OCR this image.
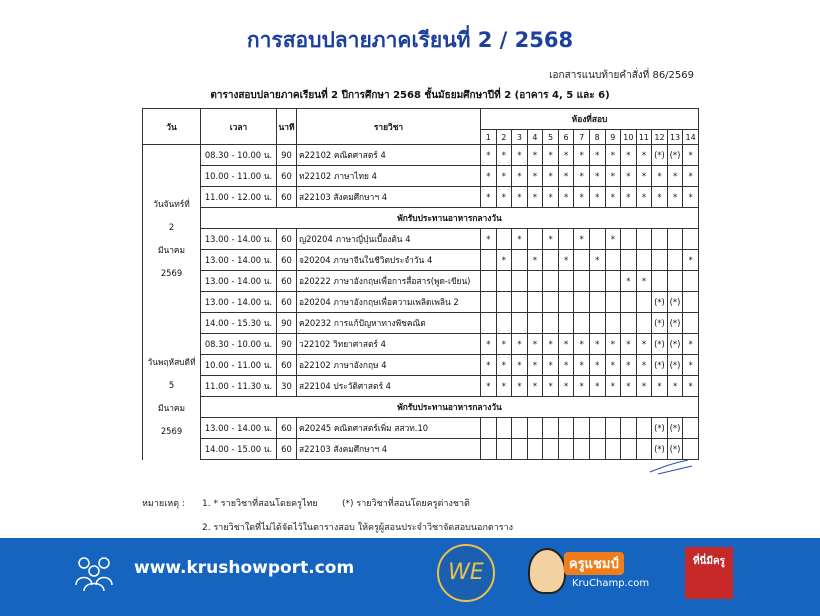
การสอบปลายภาคเรียนที่ 2 / 2568
เอกสารแนบท้ายคำสั่งที่ 86/2569
ตารางสอบปลายภาคเรียนที่ 2 ปีการศึกษา 2568 ชั้นมัธยมศึกษาปีที่ 2 (อาคาร 4, 5 และ 6)
วัน	เวลา	นาที	รายวิชา	ห้องที่สอบ													
				1	2	3	4	5	6	7	8	9	10	11	12	13	14

วันจันทร์ที่
2
มีนาคม
2569	08.30 - 10.00 น.	90	ค22102 คณิตศาสตร์ 4	*	*	*	*	*	*	*	*	*	*	*	(*)	(*)	*
	10.00 - 11.00 น.	60	ท22102 ภาษาไทย 4	*	*	*	*	*	*	*	*	*	*	*	*	*	*
	11.00 - 12.00 น.	60	ส22103 สังคมศึกษาฯ 4	*	*	*	*	*	*	*	*	*	*	*	*	*	*
	พักรับประทานอาหารกลางวัน																
	13.00 - 14.00 น.	60	ญ20204 ภาษาญี่ปุ่นเบื้องต้น 4	*		*		*		*		*					
	13.00 - 14.00 น.	60	จ20204 ภาษาจีนในชีวิตประจำวัน 4		*		*		*		*						*
	13.00 - 14.00 น.	60	อ20222 ภาษาอังกฤษเพื่อการสื่อสาร(พูด-เขียน)										*	*			
	13.00 - 14.00 น.	60	อ20204 ภาษาอังกฤษเพื่อความเพลิดเพลิน 2												(*)	(*)	
	14.00 - 15.30 น.	90	ค20232 การแก้ปัญหาทางพีชคณิต												(*)	(*)	

วันพฤหัสบดีที่
5
มีนาคม
2569	08.30 - 10.00 น.	90	ว22102 วิทยาศาสตร์ 4	*	*	*	*	*	*	*	*	*	*	*	(*)	(*)	*
	10.00 - 11.00 น.	60	อ22102 ภาษาอังกฤษ 4	*	*	*	*	*	*	*	*	*	*	*	(*)	(*)	*
	11.00 - 11.30 น.	30	ส22104 ประวัติศาสตร์ 4	*	*	*	*	*	*	*	*	*	*	*	*	*	*
	พักรับประทานอาหารกลางวัน																
	13.00 - 14.00 น.	60	ค20245 คณิตศาสตร์เพิ่ม สสวท.10												(*)	(*)	
	14.00 - 15.00 น.	60	ส22103 สังคมศึกษาฯ 4												(*)	(*)	
หมายเหตุ :	1. * รายวิชาที่สอนโดยครูไทย	(*) รายวิชาที่สอนโดยครูต่างชาติ
2. รายวิชาใดที่ไม่ได้จัดไว้ในตารางสอบ ให้ครูผู้สอนประจำวิชาจัดสอบนอกตาราง
www.krushowport.com	WE	ครูแชมป์
KruChamp.com
ที่นี่มีครู
